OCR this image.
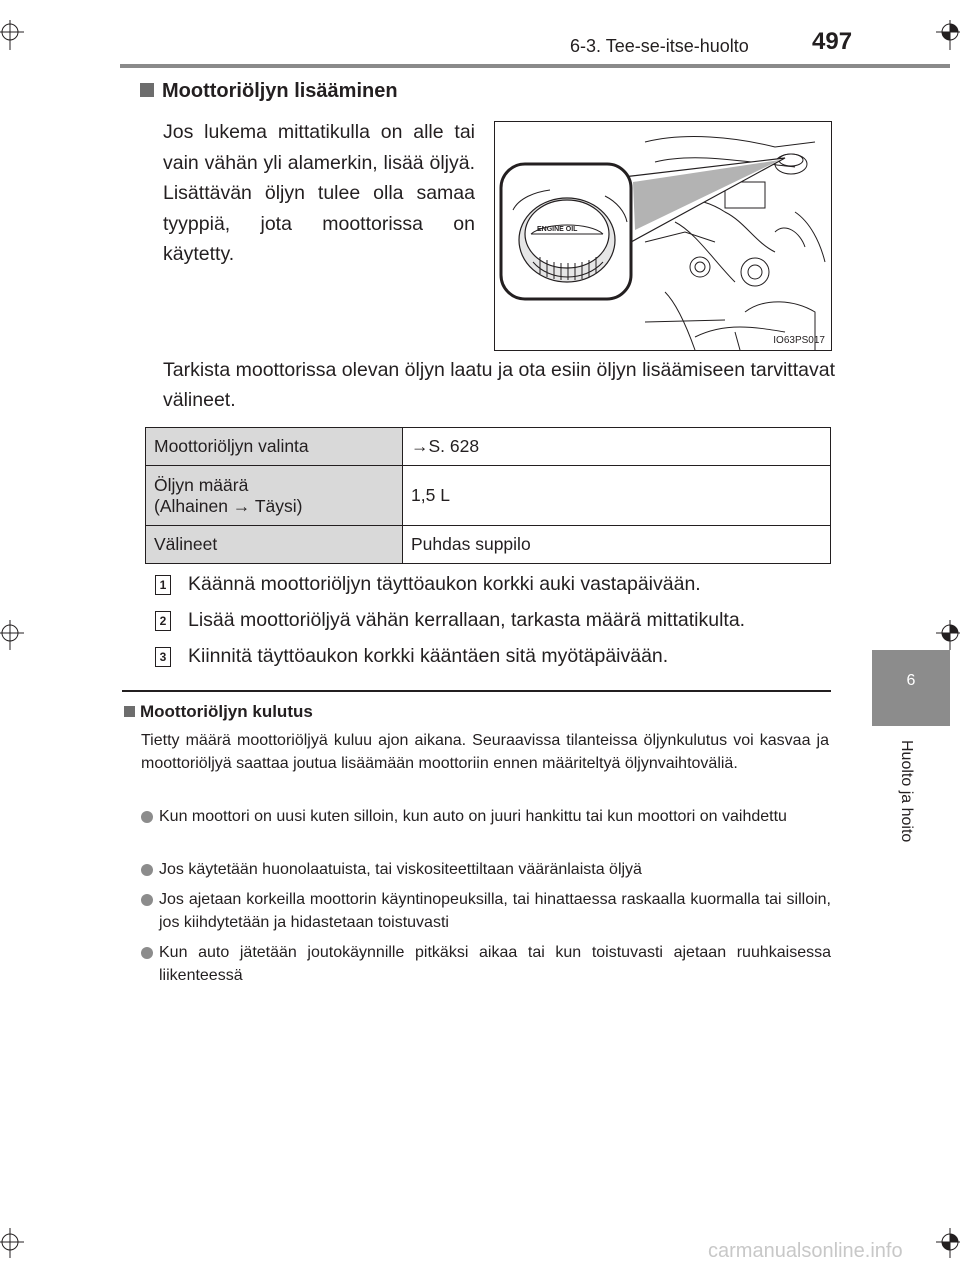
6-3. Tee-se-itse-huolto	497
6
Huolto ja hoito
Moottoriöljyn lisääminen
Jos lukema mittatikulla on alle tai vain vähän yli alamerkin, lisää öljyä. Lisättävän öljyn tulee olla samaa tyyppiä, jota moottorissa on käytetty.
ENGINE OIL
IO63PS017
Tarkista moottorissa olevan öljyn laatu ja ota esiin öljyn lisäämiseen tarvittavat välineet.
Moottoriöljyn valinta	→S. 628

Öljyn määrä
(Alhainen → Täysi)	1,5 L
Välineet	Puhdas suppilo
1 Käännä moottoriöljyn täyttöaukon korkki auki vastapäivään.
2 Lisää moottoriöljyä vähän kerrallaan, tarkasta määrä mittatikulta.
3 Kiinnitä täyttöaukon korkki kääntäen sitä myötäpäivään.
Moottoriöljyn kulutus
Tietty määrä moottoriöljyä kuluu ajon aikana. Seuraavissa tilanteissa öljynkulutus voi kasvaa ja moottoriöljyä saattaa joutua lisäämään moottoriin ennen määriteltyä öljynvaihtoväliä.
Kun moottori on uusi kuten silloin, kun auto on juuri hankittu tai kun moottori on vaihdettu
Jos käytetään huonolaatuista, tai viskositeettiltaan vääränlaista öljyä
Jos ajetaan korkeilla moottorin käyntinopeuksilla, tai hinattaessa raskaalla kuormalla tai silloin, jos kiihdytetään ja hidastetaan toistuvasti
Kun auto jätetään joutokäynnille pitkäksi aikaa tai kun toistuvasti ajetaan ruuhkaisessa liikenteessä
carmanualsonline.info
